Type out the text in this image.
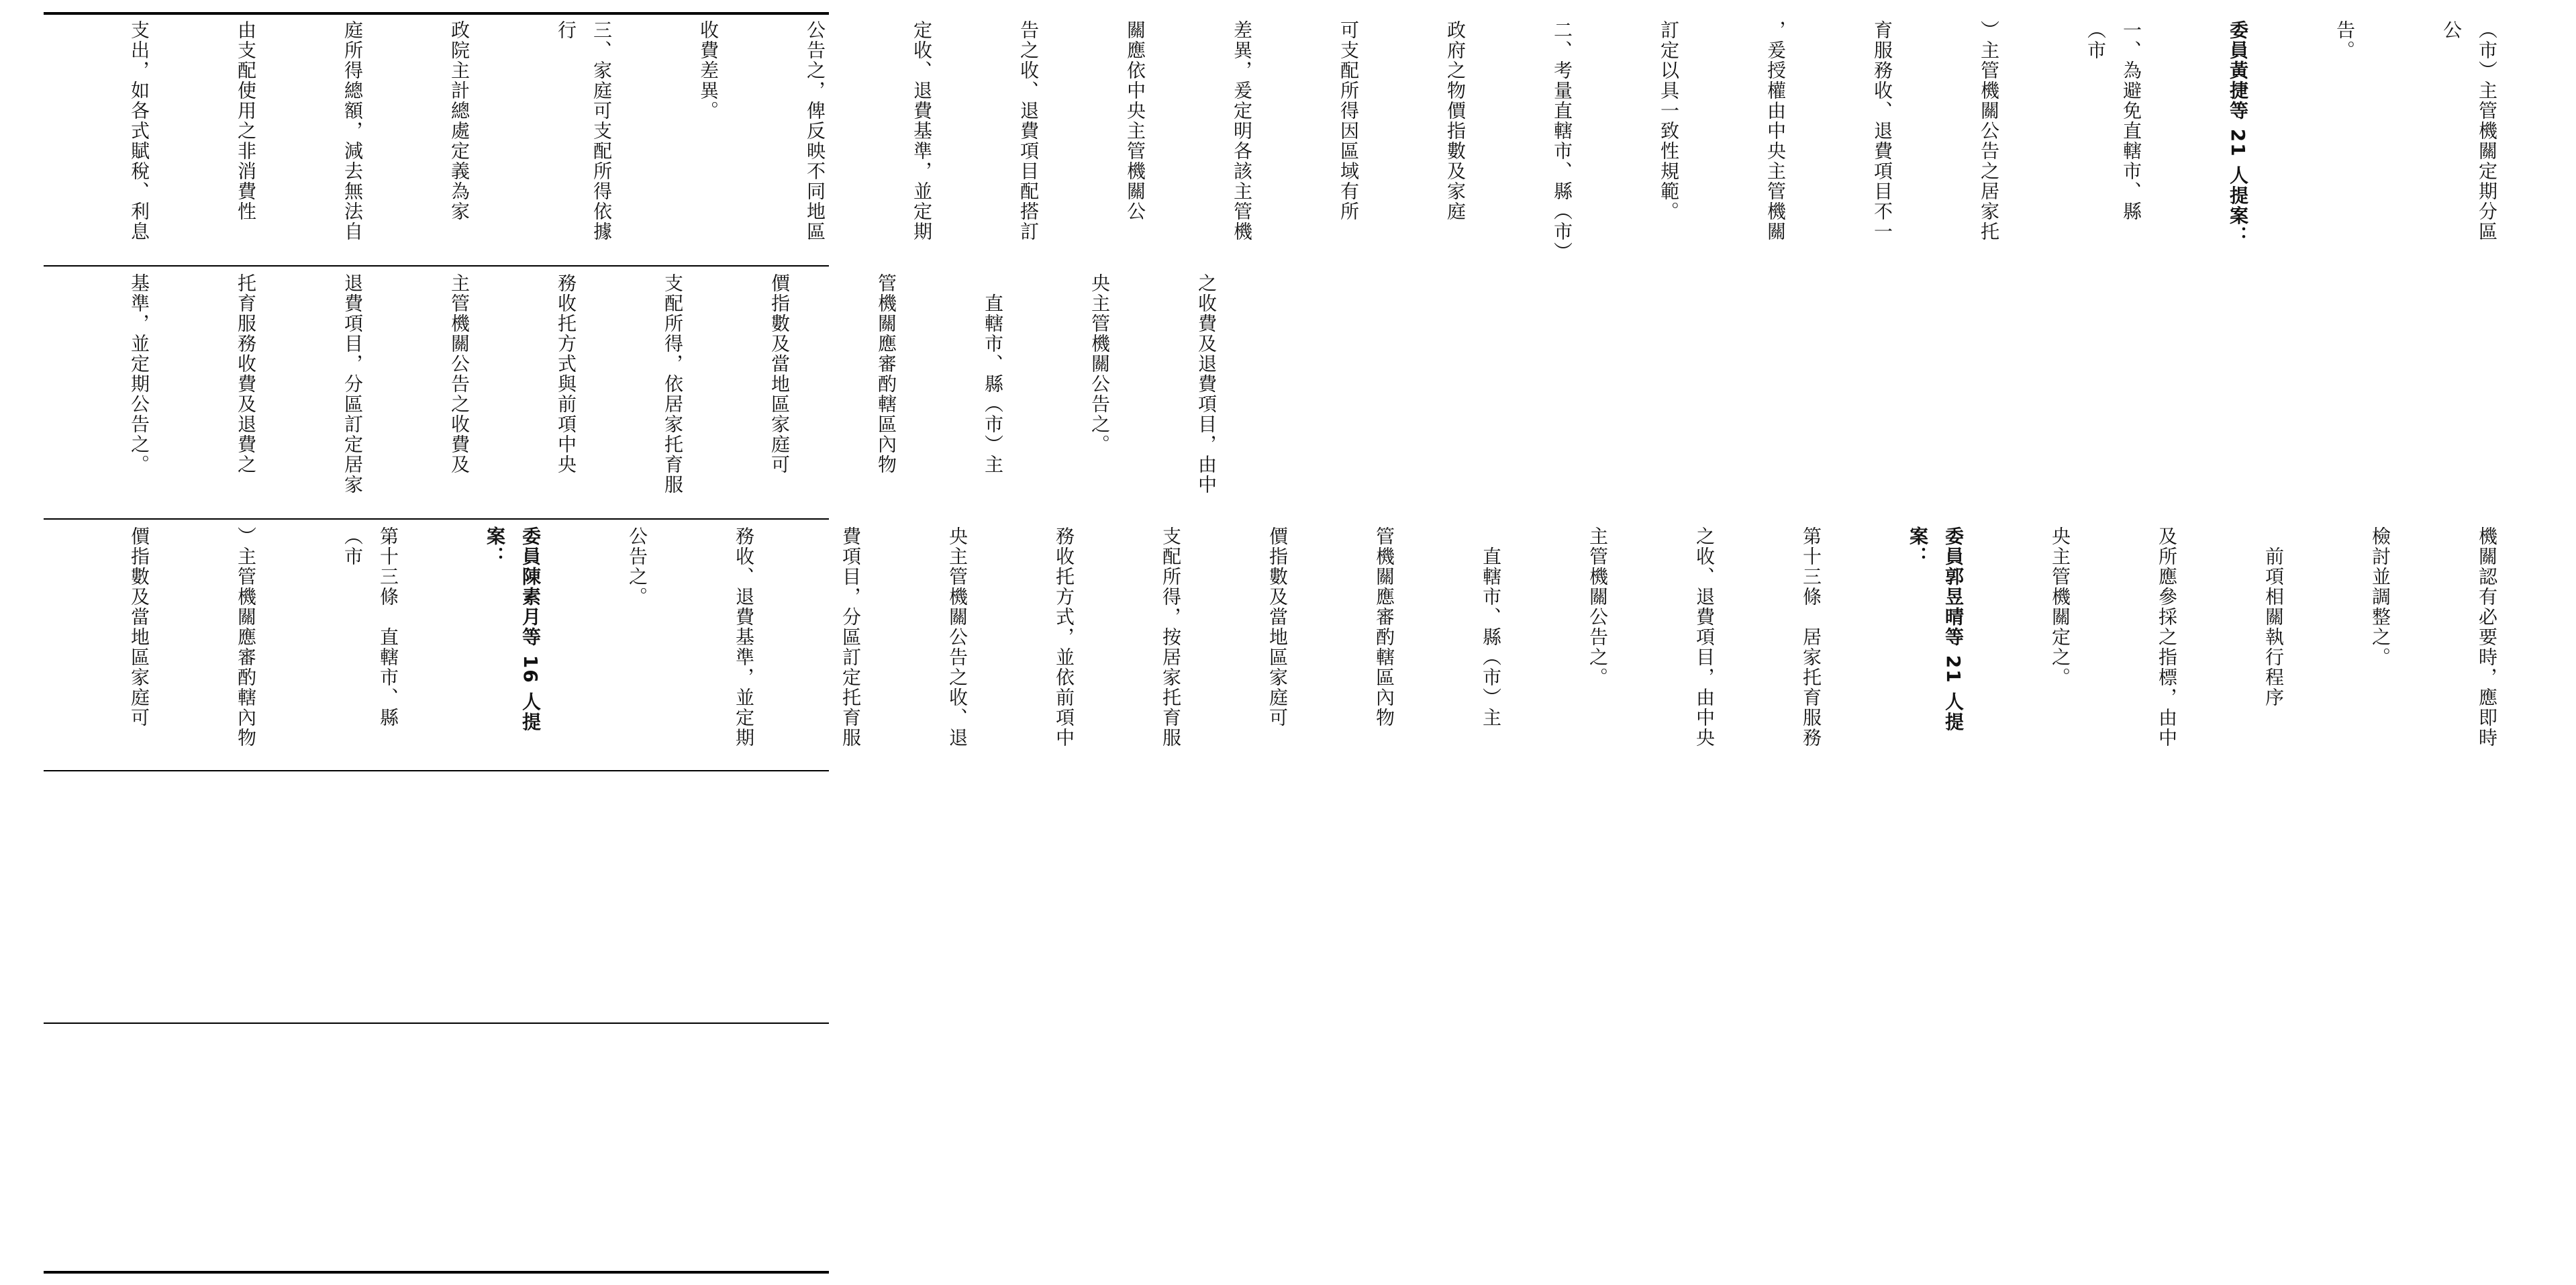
（市）主管機關定期分區公

告。

委員黃捷等 21 人提案：

一、為避免直轄市、縣（市

）主管機關公告之居家托

育服務收、退費項目不一

，爰授權由中央主管機關

訂定以具一致性規範。

二、考量直轄市、縣（市）

政府之物價指數及家庭

可支配所得因區域有所

差異，爰定明各該主管機

關應依中央主管機關公

告之收、退費項目配搭訂

定收、退費基準，並定期

公告之，俾反映不同地區

收費差異。

三、家庭可支配所得依據行

政院主計總處定義為家

庭所得總額，減去無法自

由支配使用之非消費性

支出，如各式賦稅、利息

之收費及退費項目，由中

央主管機關公告之。

　直轄市、縣（市）主

管機關應審酌轄區內物

價指數及當地區家庭可

支配所得，依居家托育服

務收托方式與前項中央

主管機關公告之收費及

退費項目，分區訂定居家

托育服務收費及退費之

基準，並定期公告之。

機關認有必要時，應即時

檢討並調整之。

　前項相關執行程序

及所應參採之指標，由中

央主管機關定之。

委員郭昱晴等 21 人提案：

第十三條　居家托育服務

之收、退費項目，由中央

主管機關公告之。

　直轄市、縣（市）主

管機關應審酌轄區內物

價指數及當地區家庭可

支配所得，按居家托育服

務收托方式，並依前項中

央主管機關公告之收、退

費項目，分區訂定托育服

務收、退費基準，並定期

公告之。

委員陳素月等 16 人提案：

第十三條　直轄市、縣（市

）主管機關應審酌轄內物

價指數及當地區家庭可
